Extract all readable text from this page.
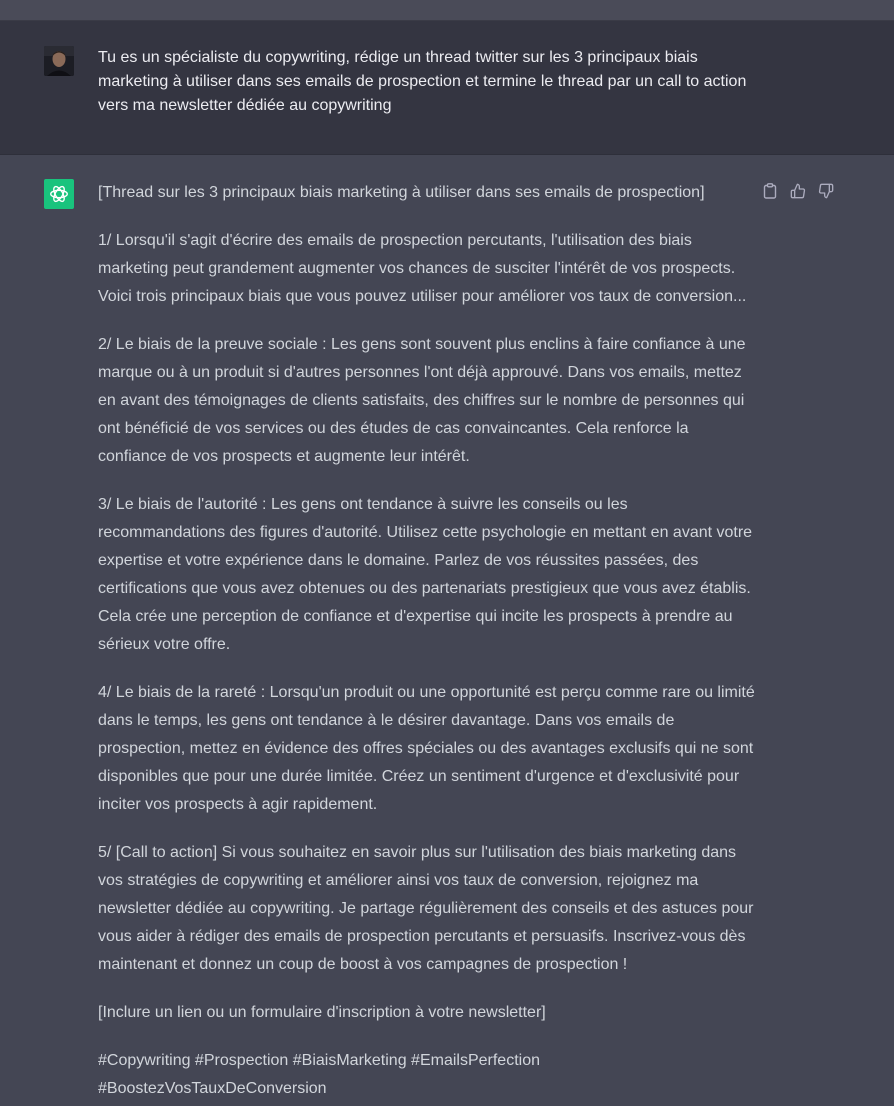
Tu es un spécialiste du copywriting, rédige un thread twitter sur les 3 principaux biais marketing à utiliser dans ses emails de prospection et termine le thread par un call to action vers ma newsletter dédiée au copywriting

[Thread sur les 3 principaux biais marketing à utiliser dans ses emails de prospection]

1/ Lorsqu'il s'agit d'écrire des emails de prospection percutants, l'utilisation des biais marketing peut grandement augmenter vos chances de susciter l'intérêt de vos prospects. Voici trois principaux biais que vous pouvez utiliser pour améliorer vos taux de conversion...

2/ Le biais de la preuve sociale : Les gens sont souvent plus enclins à faire confiance à une marque ou à un produit si d'autres personnes l'ont déjà approuvé. Dans vos emails, mettez en avant des témoignages de clients satisfaits, des chiffres sur le nombre de personnes qui ont bénéficié de vos services ou des études de cas convaincantes. Cela renforce la confiance de vos prospects et augmente leur intérêt.

3/ Le biais de l'autorité : Les gens ont tendance à suivre les conseils ou les recommandations des figures d'autorité. Utilisez cette psychologie en mettant en avant votre expertise et votre expérience dans le domaine. Parlez de vos réussites passées, des certifications que vous avez obtenues ou des partenariats prestigieux que vous avez établis. Cela crée une perception de confiance et d'expertise qui incite les prospects à prendre au sérieux votre offre.

4/ Le biais de la rareté : Lorsqu'un produit ou une opportunité est perçu comme rare ou limité dans le temps, les gens ont tendance à le désirer davantage. Dans vos emails de prospection, mettez en évidence des offres spéciales ou des avantages exclusifs qui ne sont disponibles que pour une durée limitée. Créez un sentiment d'urgence et d'exclusivité pour inciter vos prospects à agir rapidement.

5/ [Call to action] Si vous souhaitez en savoir plus sur l'utilisation des biais marketing dans vos stratégies de copywriting et améliorer ainsi vos taux de conversion, rejoignez ma newsletter dédiée au copywriting. Je partage régulièrement des conseils et des astuces pour vous aider à rédiger des emails de prospection percutants et persuasifs. Inscrivez-vous dès maintenant et donnez un coup de boost à vos campagnes de prospection !

[Inclure un lien ou un formulaire d'inscription à votre newsletter]

#Copywriting #Prospection #BiaisMarketing #EmailsPerfection
#BoostezVosTauxDeConversion
